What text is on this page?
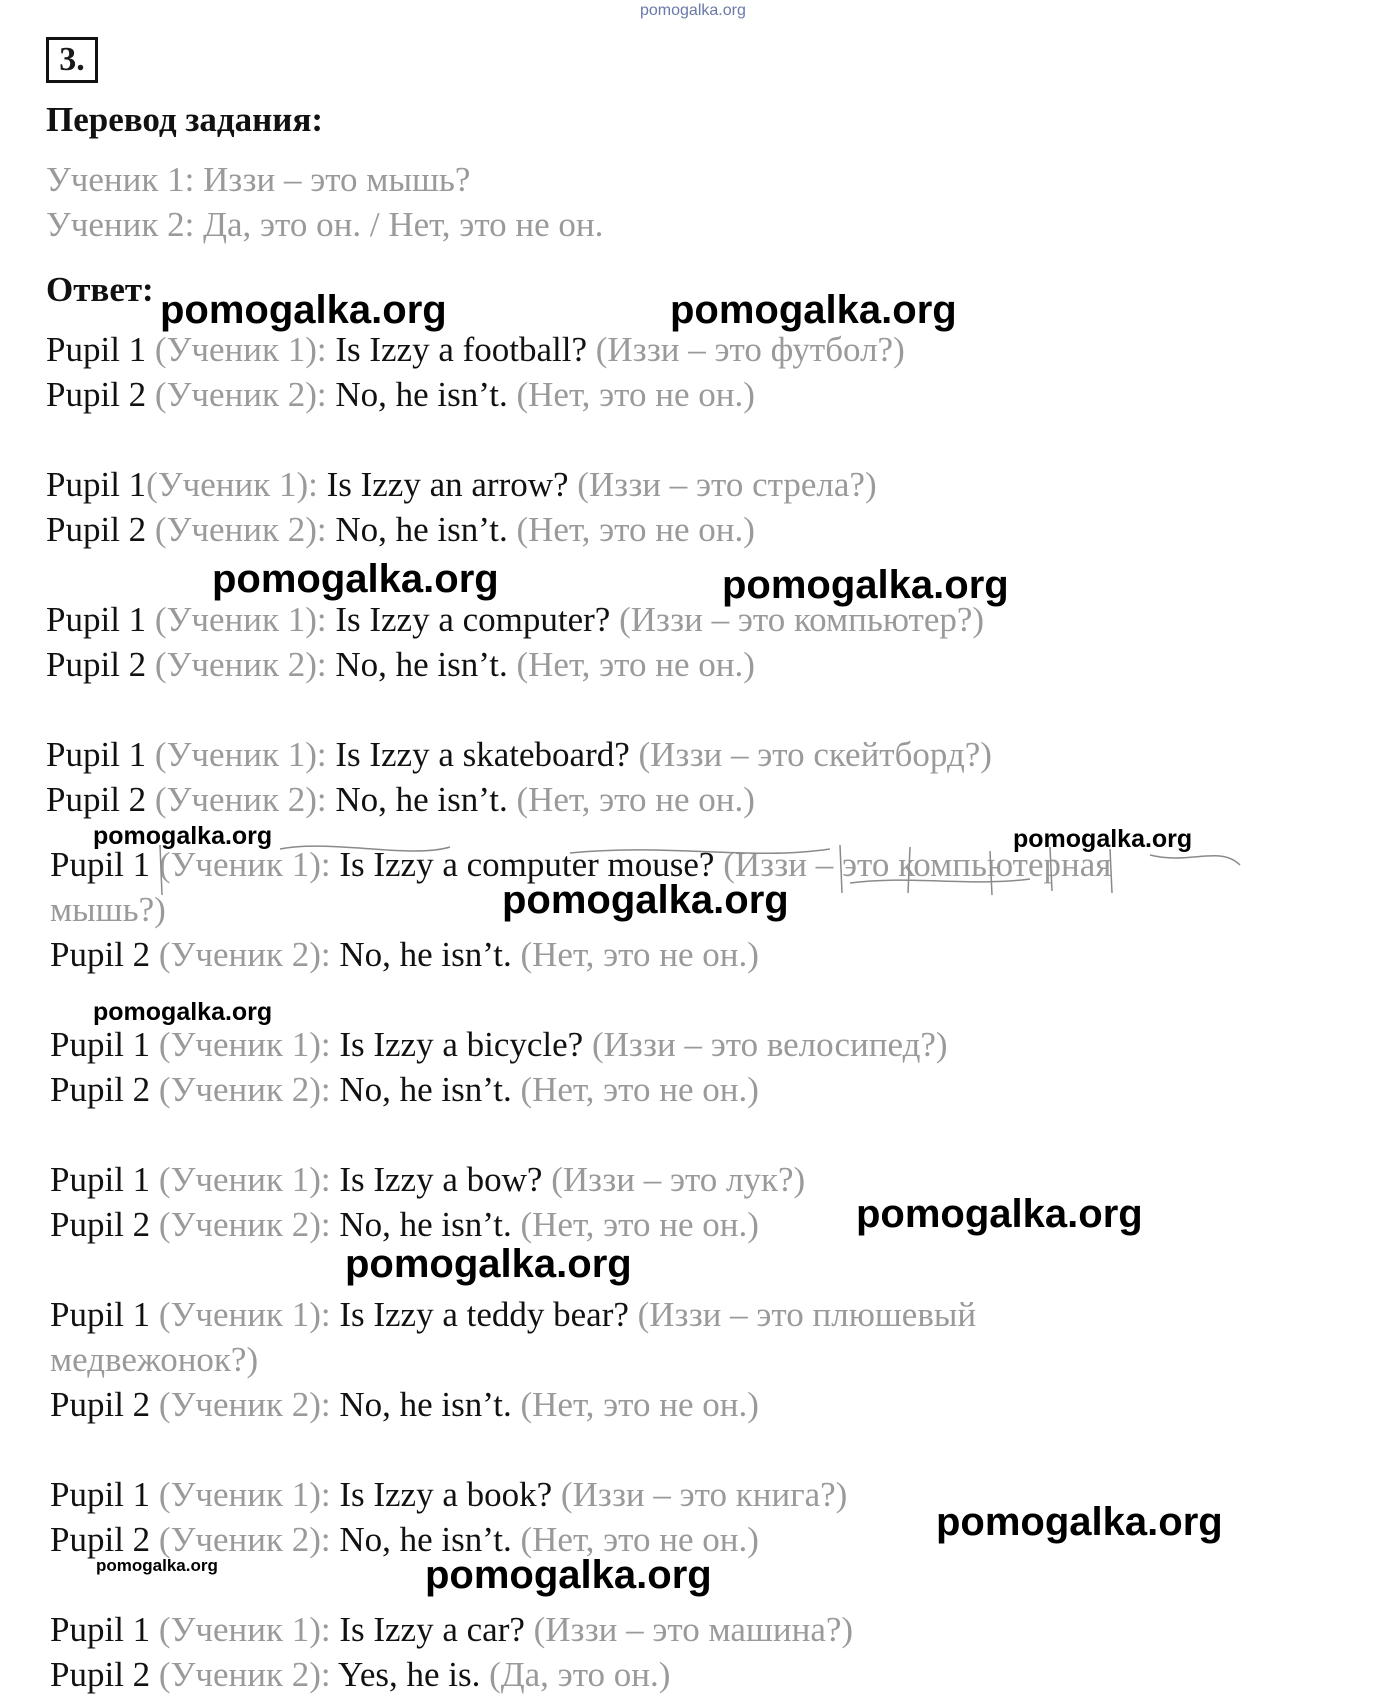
pomogalka.org
3.
Перевод задания:
Ученик 1: Иззи – это мышь?
Ученик 2: Да, это он. / Нет, это не он.
Ответ:
Pupil 1 (Ученик 1): Is Izzy a football? (Иззи – это футбол?)
Pupil 2 (Ученик 2): No, he isn’t. (Нет, это не он.)
Pupil 1(Ученик 1): Is Izzy an arrow? (Иззи – это стрела?)
Pupil 2 (Ученик 2): No, he isn’t. (Нет, это не он.)
Pupil 1 (Ученик 1): Is Izzy a computer? (Иззи – это компьютер?)
Pupil 2 (Ученик 2): No, he isn’t. (Нет, это не он.)
Pupil 1 (Ученик 1): Is Izzy a skateboard? (Иззи – это скейтборд?)
Pupil 2 (Ученик 2): No, he isn’t. (Нет, это не он.)
Pupil 1 (Ученик 1): Is Izzy a computer mouse? (Иззи – это компьютерная
мышь?)
Pupil 2 (Ученик 2): No, he isn’t. (Нет, это не он.)
Pupil 1 (Ученик 1): Is Izzy a bicycle? (Иззи – это велосипед?)
Pupil 2 (Ученик 2): No, he isn’t. (Нет, это не он.)
Pupil 1 (Ученик 1): Is Izzy a bow? (Иззи – это лук?)
Pupil 2 (Ученик 2): No, he isn’t. (Нет, это не он.)
Pupil 1 (Ученик 1): Is Izzy a teddy bear? (Иззи – это плюшевый
медвежонок?)
Pupil 2 (Ученик 2): No, he isn’t. (Нет, это не он.)
Pupil 1 (Ученик 1): Is Izzy a book? (Иззи – это книга?)
Pupil 2 (Ученик 2): No, he isn’t. (Нет, это не он.)
Pupil 1 (Ученик 1): Is Izzy a car? (Иззи – это машина?)
Pupil 2 (Ученик 2): Yes, he is. (Да, это он.)
pomogalka.org	pomogalka.org
pomogalka.org	pomogalka.org
pomogalka.org	pomogalka.org
pomogalka.org
pomogalka.org
pomogalka.org
pomogalka.org
pomogalka.org
pomogalka.org	pomogalka.org
